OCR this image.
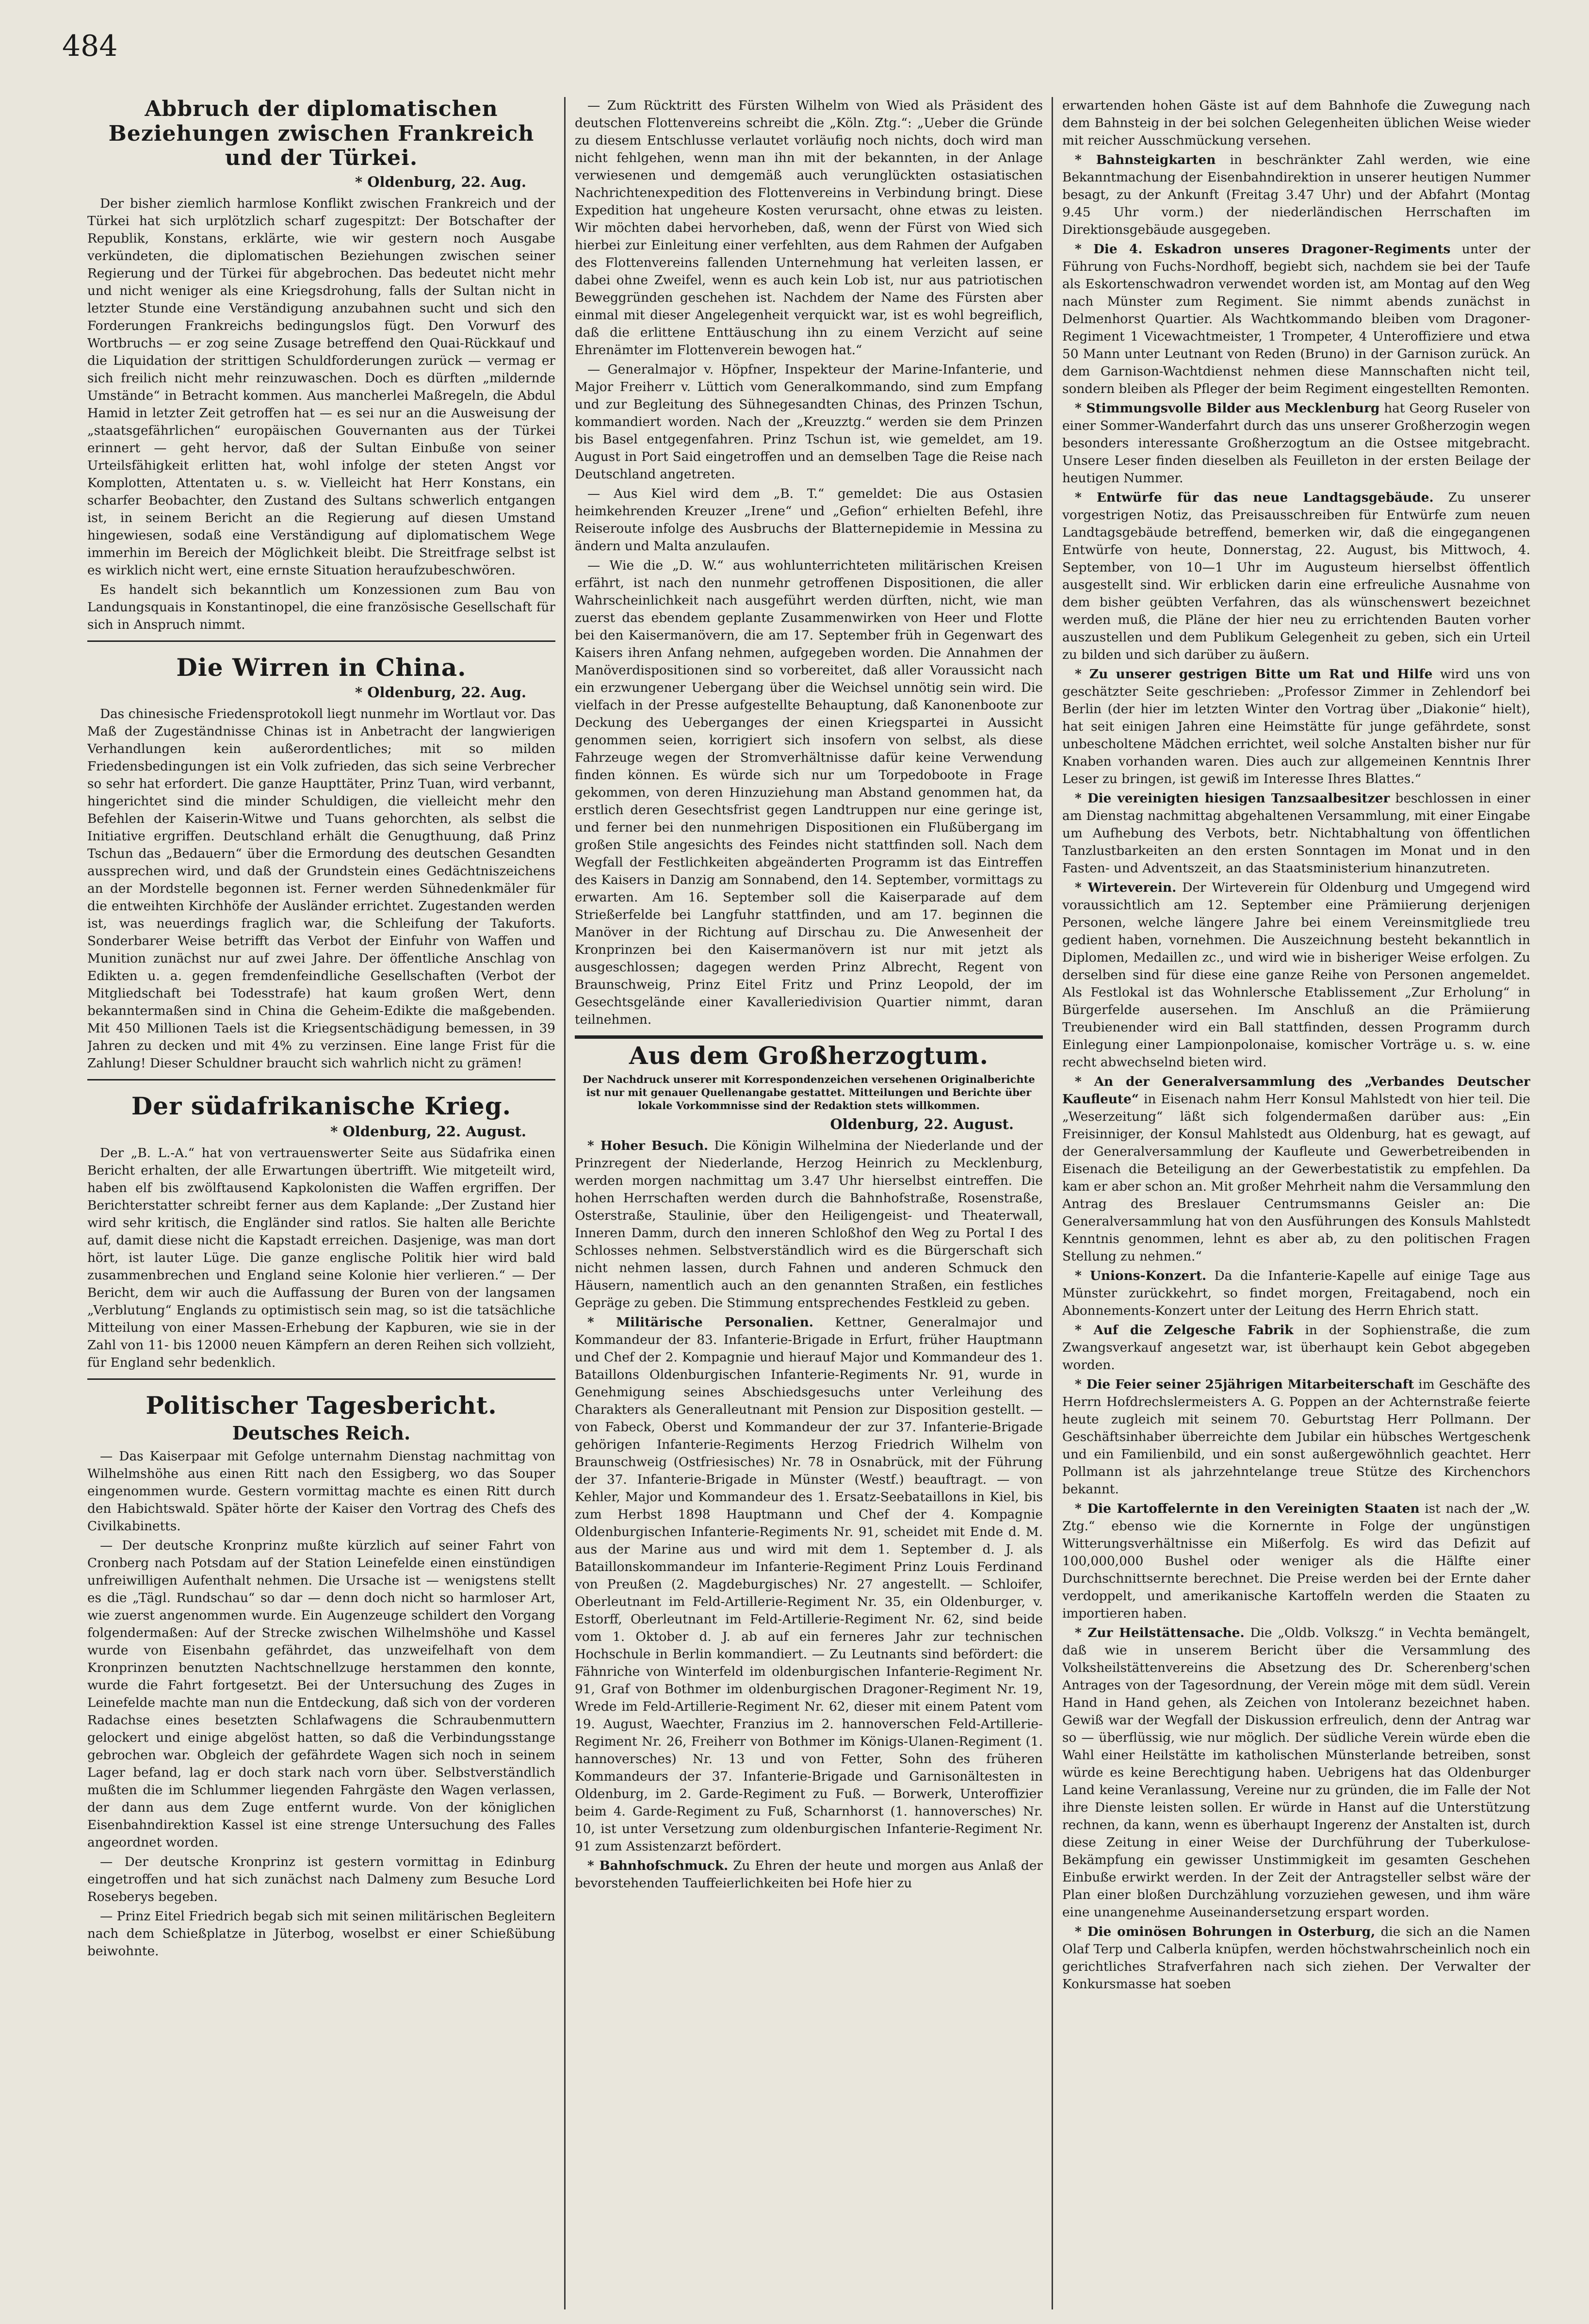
484
Abbruch der diplomatischen Beziehungen zwischen Frankreich und der Türkei.
* Oldenburg, 22. Aug.

Der bisher ziemlich harmlose Konflikt zwischen Frankreich und der Türkei hat sich urplötzlich scharf zugespitzt: Der Botschafter der Republik, Konstans, erklärte, wie wir gestern noch Ausgabe verkündeten, die diplomatischen Beziehungen zwischen seiner Regierung und der Türkei für abgebrochen. Das bedeutet nicht mehr und nicht weniger als eine Kriegsdrohung, falls der Sultan nicht in letzter Stunde eine Verständigung anzubahnen sucht und sich den Forderungen Frankreichs bedingungslos fügt. Den Vorwurf des Wortbruchs — er zog seine Zusage betreffend den Quai-Rückkauf und die Liquidation der strittigen Schuldforderungen zurück — vermag er sich freilich nicht mehr reinzuwaschen. Doch es dürften „mildernde Umstände“ in Betracht kommen. Aus mancherlei Maßregeln, die Abdul Hamid in letzter Zeit getroffen hat — es sei nur an die Ausweisung der „staatsgefährlichen“ europäischen Gouvernanten aus der Türkei erinnert — geht hervor, daß der Sultan Einbuße von seiner Urteilsfähigkeit erlitten hat, wohl infolge der steten Angst vor Komplotten, Attentaten u. s. w. Vielleicht hat Herr Konstans, ein scharfer Beobachter, den Zustand des Sultans schwerlich entgangen ist, in seinem Bericht an die Regierung auf diesen Umstand hingewiesen, sodaß eine Verständigung auf diplomatischem Wege immerhin im Bereich der Möglichkeit bleibt. Die Streitfrage selbst ist es wirklich nicht wert, eine ernste Situation heraufzubeschwören.

Es handelt sich bekanntlich um Konzessionen zum Bau von Landungsquais in Konstantinopel, die eine französische Gesellschaft für sich in Anspruch nimmt.

Die Wirren in China.
* Oldenburg, 22. Aug.

Das chinesische Friedensprotokoll liegt nunmehr im Wortlaut vor. Das Maß der Zugeständnisse Chinas ist in Anbetracht der langwierigen Verhandlungen kein außerordentliches; mit so milden Friedensbedingungen ist ein Volk zufrieden, das sich seine Verbrecher so sehr hat erfordert. Die ganze Haupttäter, Prinz Tuan, wird verbannt, hingerichtet sind die minder Schuldigen, die vielleicht mehr den Befehlen der Kaiserin-Witwe und Tuans gehorchten, als selbst die Initiative ergriffen. Deutschland erhält die Genugthuung, daß Prinz Tschun das „Bedauern“ über die Ermordung des deutschen Gesandten aussprechen wird, und daß der Grundstein eines Gedächtniszeichens an der Mordstelle begonnen ist. Ferner werden Sühnedenkmäler für die entweihten Kirchhöfe der Ausländer errichtet. Zugestanden werden ist, was neuerdings fraglich war, die Schleifung der Takuforts. Sonderbarer Weise betrifft das Verbot der Einfuhr von Waffen und Munition zunächst nur auf zwei Jahre. Der öffentliche Anschlag von Edikten u. a. gegen fremdenfeindliche Gesellschaften (Verbot der Mitgliedschaft bei Todesstrafe) hat kaum großen Wert, denn bekanntermaßen sind in China die Geheim-Edikte die maßgebenden. Mit 450 Millionen Taels ist die Kriegsentschädigung bemessen, in 39 Jahren zu decken und mit 4% zu verzinsen. Eine lange Frist für die Zahlung! Dieser Schuldner braucht sich wahrlich nicht zu grämen!

Der südafrikanische Krieg.
* Oldenburg, 22. August.

Der „B. L.-A.“ hat von vertrauenswerter Seite aus Südafrika einen Bericht erhalten, der alle Erwartungen übertrifft. Wie mitgeteilt wird, haben elf bis zwölftausend Kapkolonisten die Waffen ergriffen. Der Berichterstatter schreibt ferner aus dem Kaplande: „Der Zustand hier wird sehr kritisch, die Engländer sind ratlos. Sie halten alle Berichte auf, damit diese nicht die Kapstadt erreichen. Dasjenige, was man dort hört, ist lauter Lüge. Die ganze englische Politik hier wird bald zusammenbrechen und England seine Kolonie hier verlieren.“ — Der Bericht, dem wir auch die Auffassung der Buren von der langsamen „Verblutung“ Englands zu optimistisch sein mag, so ist die tatsächliche Mitteilung von einer Massen-Erhebung der Kapburen, wie sie in der Zahl von 11- bis 12000 neuen Kämpfern an deren Reihen sich vollzieht, für England sehr bedenklich.

Politischer Tagesbericht.
Deutsches Reich.

— Das Kaiserpaar mit Gefolge unternahm Dienstag nachmittag von Wilhelmshöhe aus einen Ritt nach den Essigberg, wo das Souper eingenommen wurde. Gestern vormittag machte es einen Ritt durch den Habichtswald. Später hörte der Kaiser den Vortrag des Chefs des Civilkabinetts.

— Der deutsche Kronprinz mußte kürzlich auf seiner Fahrt von Cronberg nach Potsdam auf der Station Leinefelde einen einstündigen unfreiwilligen Aufenthalt nehmen. Die Ursache ist — wenigstens stellt es die „Tägl. Rundschau“ so dar — denn doch nicht so harmloser Art, wie zuerst angenommen wurde. Ein Augenzeuge schildert den Vorgang folgendermaßen: Auf der Strecke zwischen Wilhelmshöhe und Kassel wurde von Eisenbahn gefährdet, das unzweifelhaft von dem Kronprinzen benutzten Nachtschnellzuge herstammen den konnte, wurde die Fahrt fortgesetzt. Bei der Untersuchung des Zuges in Leinefelde machte man nun die Entdeckung, daß sich von der vorderen Radachse eines besetzten Schlafwagens die Schraubenmuttern gelockert und einige abgelöst hatten, so daß die Verbindungsstange gebrochen war. Obgleich der gefährdete Wagen sich noch in seinem Lager befand, lag er doch stark nach vorn über. Selbstverständlich mußten die im Schlummer liegenden Fahrgäste den Wagen verlassen, der dann aus dem Zuge entfernt wurde. Von der königlichen Eisenbahndirektion Kassel ist eine strenge Untersuchung des Falles angeordnet worden.

— Der deutsche Kronprinz ist gestern vormittag in Edinburg eingetroffen und hat sich zunächst nach Dalmeny zum Besuche Lord Roseberys begeben.

— Prinz Eitel Friedrich begab sich mit seinen militärischen Begleitern nach dem Schießplatze in Jüterbog, woselbst er einer Schießübung beiwohnte.

— Zum Rücktritt des Fürsten Wilhelm von Wied als Präsident des deutschen Flottenvereins schreibt die „Köln. Ztg.“: „Ueber die Gründe zu diesem Entschlusse verlautet vorläufig noch nichts, doch wird man nicht fehlgehen, wenn man ihn mit der bekannten, in der Anlage verwiesenen und demgemäß auch verunglückten ostasiatischen Nachrichtenexpedition des Flottenvereins in Verbindung bringt. Diese Expedition hat ungeheure Kosten verursacht, ohne etwas zu leisten. Wir möchten dabei hervorheben, daß, wenn der Fürst von Wied sich hierbei zur Einleitung einer verfehlten, aus dem Rahmen der Aufgaben des Flottenvereins fallenden Unternehmung hat verleiten lassen, er dabei ohne Zweifel, wenn es auch kein Lob ist, nur aus patriotischen Beweggründen geschehen ist. Nachdem der Name des Fürsten aber einmal mit dieser Angelegenheit verquickt war, ist es wohl begreiflich, daß die erlittene Enttäuschung ihn zu einem Verzicht auf seine Ehrenämter im Flottenverein bewogen hat.“

— Generalmajor v. Höpfner, Inspekteur der Marine-Infanterie, und Major Freiherr v. Lüttich vom Generalkommando, sind zum Empfang und zur Begleitung des Sühnegesandten Chinas, des Prinzen Tschun, kommandiert worden. Nach der „Kreuzztg.“ werden sie dem Prinzen bis Basel entgegenfahren. Prinz Tschun ist, wie gemeldet, am 19. August in Port Said eingetroffen und an demselben Tage die Reise nach Deutschland angetreten.

— Aus Kiel wird dem „B. T.“ gemeldet: Die aus Ostasien heimkehrenden Kreuzer „Irene“ und „Gefion“ erhielten Befehl, ihre Reiseroute infolge des Ausbruchs der Blatternepidemie in Messina zu ändern und Malta anzulaufen.

— Wie die „D. W.“ aus wohlunterrichteten militärischen Kreisen erfährt, ist nach den nunmehr getroffenen Dispositionen, die aller Wahrscheinlichkeit nach ausgeführt werden dürften, nicht, wie man zuerst das ebendem geplante Zusammenwirken von Heer und Flotte bei den Kaisermanövern, die am 17. September früh in Gegenwart des Kaisers ihren Anfang nehmen, aufgegeben worden. Die Annahmen der Manöverdispositionen sind so vorbereitet, daß aller Voraussicht nach ein erzwungener Uebergang über die Weichsel unnötig sein wird. Die vielfach in der Presse aufgestellte Behauptung, daß Kanonenboote zur Deckung des Ueberganges der einen Kriegspartei in Aussicht genommen seien, korrigiert sich insofern von selbst, als diese Fahrzeuge wegen der Stromverhältnisse dafür keine Verwendung finden können. Es würde sich nur um Torpedoboote in Frage gekommen, von deren Hinzuziehung man Abstand genommen hat, da erstlich deren Gesechtsfrist gegen Landtruppen nur eine geringe ist, und ferner bei den nunmehrigen Dispositionen ein Flußübergang im großen Stile angesichts des Feindes nicht stattfinden soll. Nach dem Wegfall der Festlichkeiten abgeänderten Programm ist das Eintreffen des Kaisers in Danzig am Sonnabend, den 14. September, vormittags zu erwarten. Am 16. September soll die Kaiserparade auf dem Strießerfelde bei Langfuhr stattfinden, und am 17. beginnen die Manöver in der Richtung auf Dirschau zu. Die Anwesenheit der Kronprinzen bei den Kaisermanövern ist nur mit jetzt als ausgeschlossen; dagegen werden Prinz Albrecht, Regent von Braunschweig, Prinz Eitel Fritz und Prinz Leopold, der im Gesechtsgelände einer Kavalleriedivision Quartier nimmt, daran teilnehmen.

Aus dem Großherzogtum.
Der Nachdruck unserer mit Korrespondenzeichen versehenen Originalberichte ist nur mit genauer Quellenangabe gestattet. Mitteilungen und Berichte über lokale Vorkommnisse sind der Redaktion stets willkommen.
Oldenburg, 22. August.

* Hoher Besuch. Die Königin Wilhelmina der Niederlande und der Prinzregent der Niederlande, Herzog Heinrich zu Mecklenburg, werden morgen nachmittag um 3.47 Uhr hierselbst eintreffen. Die hohen Herrschaften werden durch die Bahnhofstraße, Rosenstraße, Osterstraße, Staulinie, über den Heiligengeist- und Theaterwall, Inneren Damm, durch den inneren Schloßhof den Weg zu Portal I des Schlosses nehmen. Selbstverständlich wird es die Bürgerschaft sich nicht nehmen lassen, durch Fahnen und anderen Schmuck den Häusern, namentlich auch an den genannten Straßen, ein festliches Gepräge zu geben. Die Stimmung entsprechendes Festkleid zu geben.

* Militärische Personalien. Kettner, Generalmajor und Kommandeur der 83. Infanterie-Brigade in Erfurt, früher Hauptmann und Chef der 2. Kompagnie und hierauf Major und Kommandeur des 1. Bataillons Oldenburgischen Infanterie-Regiments Nr. 91, wurde in Genehmigung seines Abschiedsgesuchs unter Verleihung des Charakters als Generalleutnant mit Pension zur Disposition gestellt. — von Fabeck, Oberst und Kommandeur der zur 37. Infanterie-Brigade gehörigen Infanterie-Regiments Herzog Friedrich Wilhelm von Braunschweig (Ostfriesisches) Nr. 78 in Osnabrück, mit der Führung der 37. Infanterie-Brigade in Münster (Westf.) beauftragt. — von Kehler, Major und Kommandeur des 1. Ersatz-Seebataillons in Kiel, bis zum Herbst 1898 Hauptmann und Chef der 4. Kompagnie Oldenburgischen Infanterie-Regiments Nr. 91, scheidet mit Ende d. M. aus der Marine aus und wird mit dem 1. September d. J. als Bataillonskommandeur im Infanterie-Regiment Prinz Louis Ferdinand von Preußen (2. Magdeburgisches) Nr. 27 angestellt. — Schloifer, Oberleutnant im Feld-Artillerie-Regiment Nr. 35, ein Oldenburger, v. Estorff, Oberleutnant im Feld-Artillerie-Regiment Nr. 62, sind beide vom 1. Oktober d. J. ab auf ein ferneres Jahr zur technischen Hochschule in Berlin kommandiert. — Zu Leutnants sind befördert: die Fähnriche von Winterfeld im oldenburgischen Infanterie-Regiment Nr. 91, Graf von Bothmer im oldenburgischen Dragoner-Regiment Nr. 19, Wrede im Feld-Artillerie-Regiment Nr. 62, dieser mit einem Patent vom 19. August, Waechter, Franzius im 2. hannoverschen Feld-Artillerie-Regiment Nr. 26, Freiherr von Bothmer im Königs-Ulanen-Regiment (1. hannoversches) Nr. 13 und von Fetter, Sohn des früheren Kommandeurs der 37. Infanterie-Brigade und Garnisonältesten in Oldenburg, im 2. Garde-Regiment zu Fuß. — Borwerk, Unteroffizier beim 4. Garde-Regiment zu Fuß, Scharnhorst (1. hannoversches) Nr. 10, ist unter Versetzung zum oldenburgischen Infanterie-Regiment Nr. 91 zum Assistenzarzt befördert.

* Bahnhofschmuck. Zu Ehren der heute und morgen aus Anlaß der bevorstehenden Tauffeierlichkeiten bei Hofe hier zu

erwartenden hohen Gäste ist auf dem Bahnhofe die Zuwegung nach dem Bahnsteig in der bei solchen Gelegenheiten üblichen Weise wieder mit reicher Ausschmückung versehen.

* Bahnsteigkarten in beschränkter Zahl werden, wie eine Bekanntmachung der Eisenbahndirektion in unserer heutigen Nummer besagt, zu der Ankunft (Freitag 3.47 Uhr) und der Abfahrt (Montag 9.45 Uhr vorm.) der niederländischen Herrschaften im Direktionsgebäude ausgegeben.

* Die 4. Eskadron unseres Dragoner-Regiments unter der Führung von Fuchs-Nordhoff, begiebt sich, nachdem sie bei der Taufe als Eskortenschwadron verwendet worden ist, am Montag auf den Weg nach Münster zum Regiment. Sie nimmt abends zunächst in Delmenhorst Quartier. Als Wachtkommando bleiben vom Dragoner-Regiment 1 Vicewachtmeister, 1 Trompeter, 4 Unteroffiziere und etwa 50 Mann unter Leutnant von Reden (Bruno) in der Garnison zurück. An dem Garnison-Wachtdienst nehmen diese Mannschaften nicht teil, sondern bleiben als Pfleger der beim Regiment eingestellten Remonten.

* Stimmungsvolle Bilder aus Mecklenburg hat Georg Ruseler von einer Sommer-Wanderfahrt durch das uns unserer Großherzogin wegen besonders interessante Großherzogtum an die Ostsee mitgebracht. Unsere Leser finden dieselben als Feuilleton in der ersten Beilage der heutigen Nummer.

* Entwürfe für das neue Landtagsgebäude. Zu unserer vorgestrigen Notiz, das Preisausschreiben für Entwürfe zum neuen Landtagsgebäude betreffend, bemerken wir, daß die eingegangenen Entwürfe von heute, Donnerstag, 22. August, bis Mittwoch, 4. September, von 10—1 Uhr im Augusteum hierselbst öffentlich ausgestellt sind. Wir erblicken darin eine erfreuliche Ausnahme von dem bisher geübten Verfahren, das als wünschenswert bezeichnet werden muß, die Pläne der hier neu zu errichtenden Bauten vorher auszustellen und dem Publikum Gelegenheit zu geben, sich ein Urteil zu bilden und sich darüber zu äußern.

* Zu unserer gestrigen Bitte um Rat und Hilfe wird uns von geschätzter Seite geschrieben: „Professor Zimmer in Zehlendorf bei Berlin (der hier im letzten Winter den Vortrag über „Diakonie“ hielt), hat seit einigen Jahren eine Heimstätte für junge gefährdete, sonst unbescholtene Mädchen errichtet, weil solche Anstalten bisher nur für Knaben vorhanden waren. Dies auch zur allgemeinen Kenntnis Ihrer Leser zu bringen, ist gewiß im Interesse Ihres Blattes.“

* Die vereinigten hiesigen Tanzsaalbesitzer beschlossen in einer am Dienstag nachmittag abgehaltenen Versammlung, mit einer Eingabe um Aufhebung des Verbots, betr. Nichtabhaltung von öffentlichen Tanzlustbarkeiten an den ersten Sonntagen im Monat und in den Fasten- und Adventszeit, an das Staatsministerium hinanzutreten.

* Wirteverein. Der Wirteverein für Oldenburg und Umgegend wird voraussichtlich am 12. September eine Prämiierung derjenigen Personen, welche längere Jahre bei einem Vereinsmitgliede treu gedient haben, vornehmen. Die Auszeichnung besteht bekanntlich in Diplomen, Medaillen zc., und wird wie in bisheriger Weise erfolgen. Zu derselben sind für diese eine ganze Reihe von Personen angemeldet. Als Festlokal ist das Wohnlersche Etablissement „Zur Erholung“ in Bürgerfelde ausersehen. Im Anschluß an die Prämiierung Treubienender wird ein Ball stattfinden, dessen Programm durch Einlegung einer Lampionpolonaise, komischer Vorträge u. s. w. eine recht abwechselnd bieten wird.

* An der Generalversammlung des „Verbandes Deutscher Kaufleute“ in Eisenach nahm Herr Konsul Mahlstedt von hier teil. Die „Weserzeitung“ läßt sich folgendermaßen darüber aus: „Ein Freisinniger, der Konsul Mahlstedt aus Oldenburg, hat es gewagt, auf der Generalversammlung der Kaufleute und Gewerbetreibenden in Eisenach die Beteiligung an der Gewerbestatistik zu empfehlen. Da kam er aber schon an. Mit großer Mehrheit nahm die Versammlung den Antrag des Breslauer Centrumsmanns Geisler an: Die Generalversammlung hat von den Ausführungen des Konsuls Mahlstedt Kenntnis genommen, lehnt es aber ab, zu den politischen Fragen Stellung zu nehmen.“

* Unions-Konzert. Da die Infanterie-Kapelle auf einige Tage aus Münster zurückkehrt, so findet morgen, Freitagabend, noch ein Abonnements-Konzert unter der Leitung des Herrn Ehrich statt.

* Auf die Zelgesche Fabrik in der Sophienstraße, die zum Zwangsverkauf angesetzt war, ist überhaupt kein Gebot abgegeben worden.

* Die Feier seiner 25jährigen Mitarbeiterschaft im Geschäfte des Herrn Hofdrechslermeisters A. G. Poppen an der Achternstraße feierte heute zugleich mit seinem 70. Geburtstag Herr Pollmann. Der Geschäftsinhaber überreichte dem Jubilar ein hübsches Wertgeschenk und ein Familienbild, und ein sonst außergewöhnlich geachtet. Herr Pollmann ist als jahrzehntelange treue Stütze des Kirchenchors bekannt.

* Die Kartoffelernte in den Vereinigten Staaten ist nach der „W. Ztg.“ ebenso wie die Kornernte in Folge der ungünstigen Witterungsverhältnisse ein Mißerfolg. Es wird das Defizit auf 100,000,000 Bushel oder weniger als die Hälfte einer Durchschnittsernte berechnet. Die Preise werden bei der Ernte daher verdoppelt, und amerikanische Kartoffeln werden die Staaten zu importieren haben.

* Zur Heilstättensache. Die „Oldb. Volkszg.“ in Vechta bemängelt, daß wie in unserem Bericht über die Versammlung des Volksheilstättenvereins die Absetzung des Dr. Scherenberg'schen Antrages von der Tagesordnung, der Verein möge mit dem südl. Verein Hand in Hand gehen, als Zeichen von Intoleranz bezeichnet haben. Gewiß war der Wegfall der Diskussion erfreulich, denn der Antrag war so — überflüssig, wie nur möglich. Der südliche Verein würde eben die Wahl einer Heilstätte im katholischen Münsterlande betreiben, sonst würde es keine Berechtigung haben. Uebrigens hat das Oldenburger Land keine Veranlassung, Vereine nur zu gründen, die im Falle der Not ihre Dienste leisten sollen. Er würde in Hanst auf die Unterstützung rechnen, da kann, wenn es überhaupt Ingerenz der Anstalten ist, durch diese Zeitung in einer Weise der Durchführung der Tuberkulose-Bekämpfung ein gewisser Unstimmigkeit im gesamten Geschehen Einbuße erwirkt werden. In der Zeit der Antragsteller selbst wäre der Plan einer bloßen Durchzählung vorzuziehen gewesen, und ihm wäre eine unangenehme Auseinandersetzung erspart worden.

* Die ominösen Bohrungen in Osterburg, die sich an die Namen Olaf Terp und Calberla knüpfen, werden höchstwahrscheinlich noch ein gerichtliches Strafverfahren nach sich ziehen. Der Verwalter der Konkursmasse hat soeben
